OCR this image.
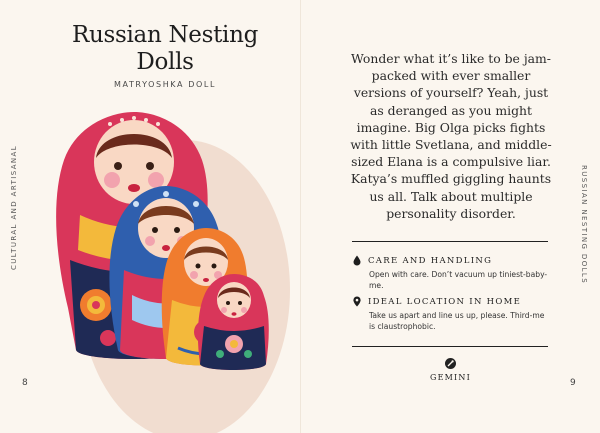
Russian Nesting Dolls
MATRYOSHKA DOLL
CULTURAL AND ARTISANAL
8
Wonder what it’s like to be jam-packed with ever smaller versions of yourself? Yeah, just as deranged as you might imagine. Big Olga picks fights with little Svetlana, and middle-sized Elana is a compulsive liar. Katya’s muffled giggling haunts us all. Talk about multiple personality disorder.	RUSSIAN NESTING DOLLS
CARE AND HANDLING
Open with care. Don’t vacuum up tiniest-baby-me.
IDEAL LOCATION IN HOME
Take us apart and line us up, please. Third-me is claustrophobic.
GEMINI
9
